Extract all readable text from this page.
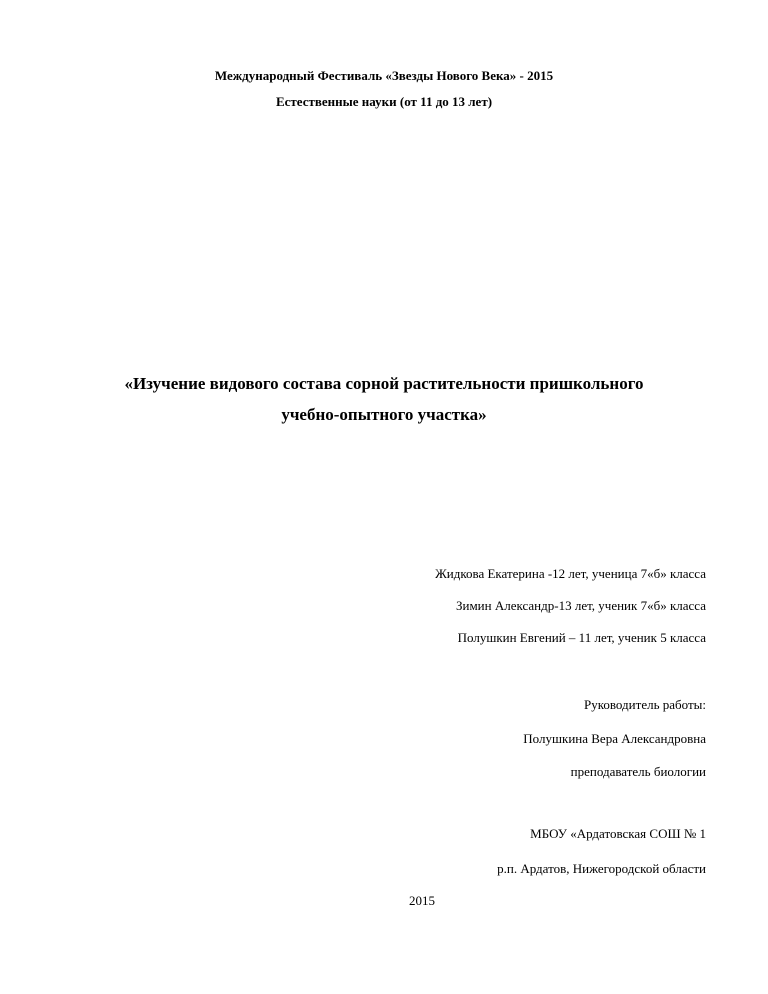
Международный Фестиваль «Звезды Нового Века» - 2015
Естественные науки (от 11 до 13 лет)
«Изучение видового состава сорной растительности пришкольного
учебно-опытного участка»
Жидкова Екатерина -12 лет, ученица 7«б» класса
Зимин Александр-13 лет, ученик 7«б» класса
Полушкин Евгений – 11 лет, ученик 5 класса
Руководитель работы:
Полушкина Вера Александровна
преподаватель биологии
МБОУ «Ардатовская СОШ № 1
р.п. Ардатов, Нижегородской области
2015
